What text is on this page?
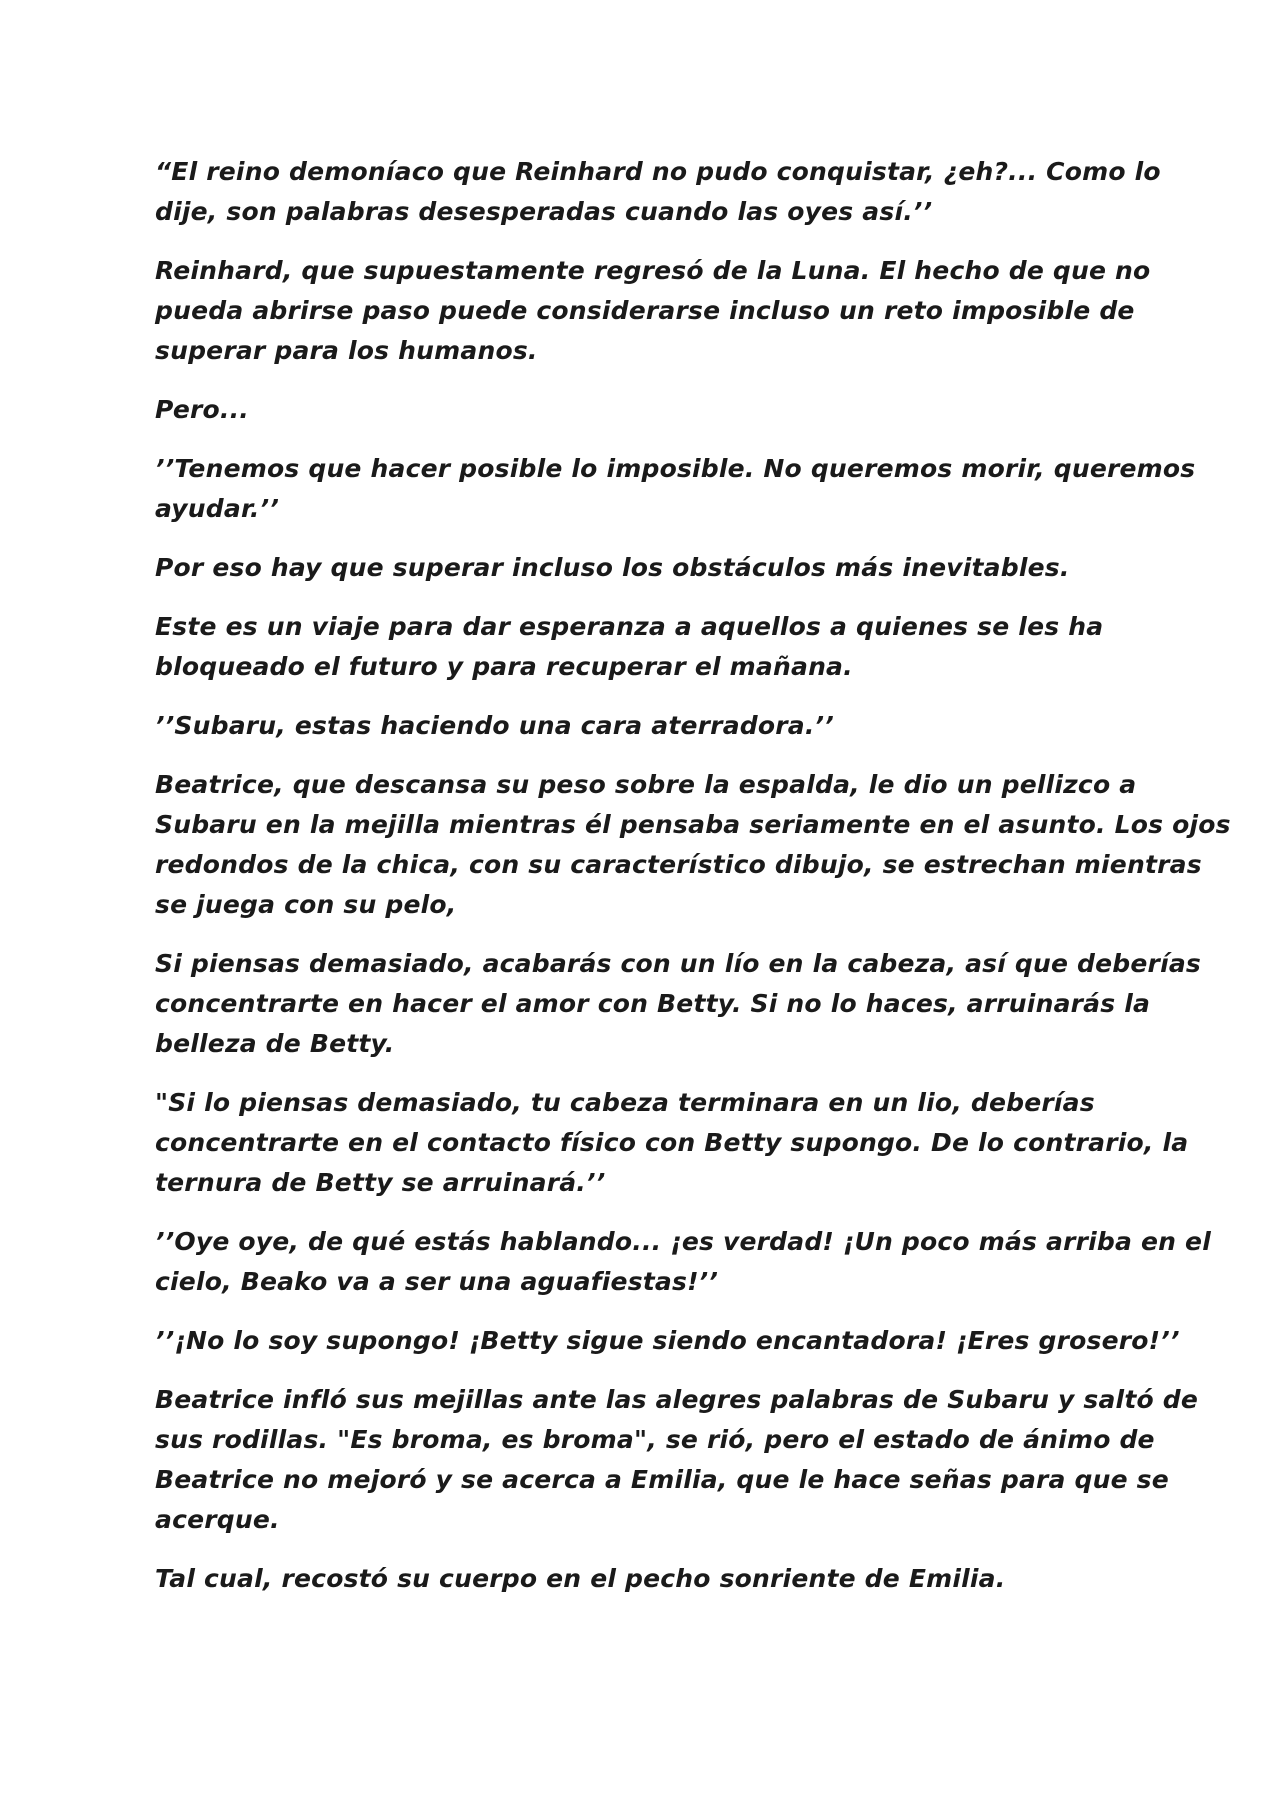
“El reino demoníaco que Reinhard no pudo conquistar, ¿eh?... Como lo
dije, son palabras desesperadas cuando las oyes así.’’

Reinhard, que supuestamente regresó de la Luna. El hecho de que no
pueda abrirse paso puede considerarse incluso un reto imposible de
superar para los humanos.

Pero...

’’Tenemos que hacer posible lo imposible. No queremos morir, queremos
ayudar.’’

Por eso hay que superar incluso los obstáculos más inevitables.

Este es un viaje para dar esperanza a aquellos a quienes se les ha
bloqueado el futuro y para recuperar el mañana.

’’Subaru, estas haciendo una cara aterradora.’’

Beatrice, que descansa su peso sobre la espalda, le dio un pellizco a
Subaru en la mejilla mientras él pensaba seriamente en el asunto. Los ojos
redondos de la chica, con su característico dibujo, se estrechan mientras
se juega con su pelo,

Si piensas demasiado, acabarás con un lío en la cabeza, así que deberías
concentrarte en hacer el amor con Betty. Si no lo haces, arruinarás la
belleza de Betty.

"Si lo piensas demasiado, tu cabeza terminara en un lio, deberías
concentrarte en el contacto físico con Betty supongo. De lo contrario, la
ternura de Betty se arruinará.’’

’’Oye oye, de qué estás hablando... ¡es verdad! ¡Un poco más arriba en el
cielo, Beako va a ser una aguafiestas!’’

’’¡No lo soy supongo! ¡Betty sigue siendo encantadora! ¡Eres grosero!’’

Beatrice infló sus mejillas ante las alegres palabras de Subaru y saltó de
sus rodillas. "Es broma, es broma", se rió, pero el estado de ánimo de
Beatrice no mejoró y se acerca a Emilia, que le hace señas para que se
acerque.

Tal cual, recostó su cuerpo en el pecho sonriente de Emilia.
